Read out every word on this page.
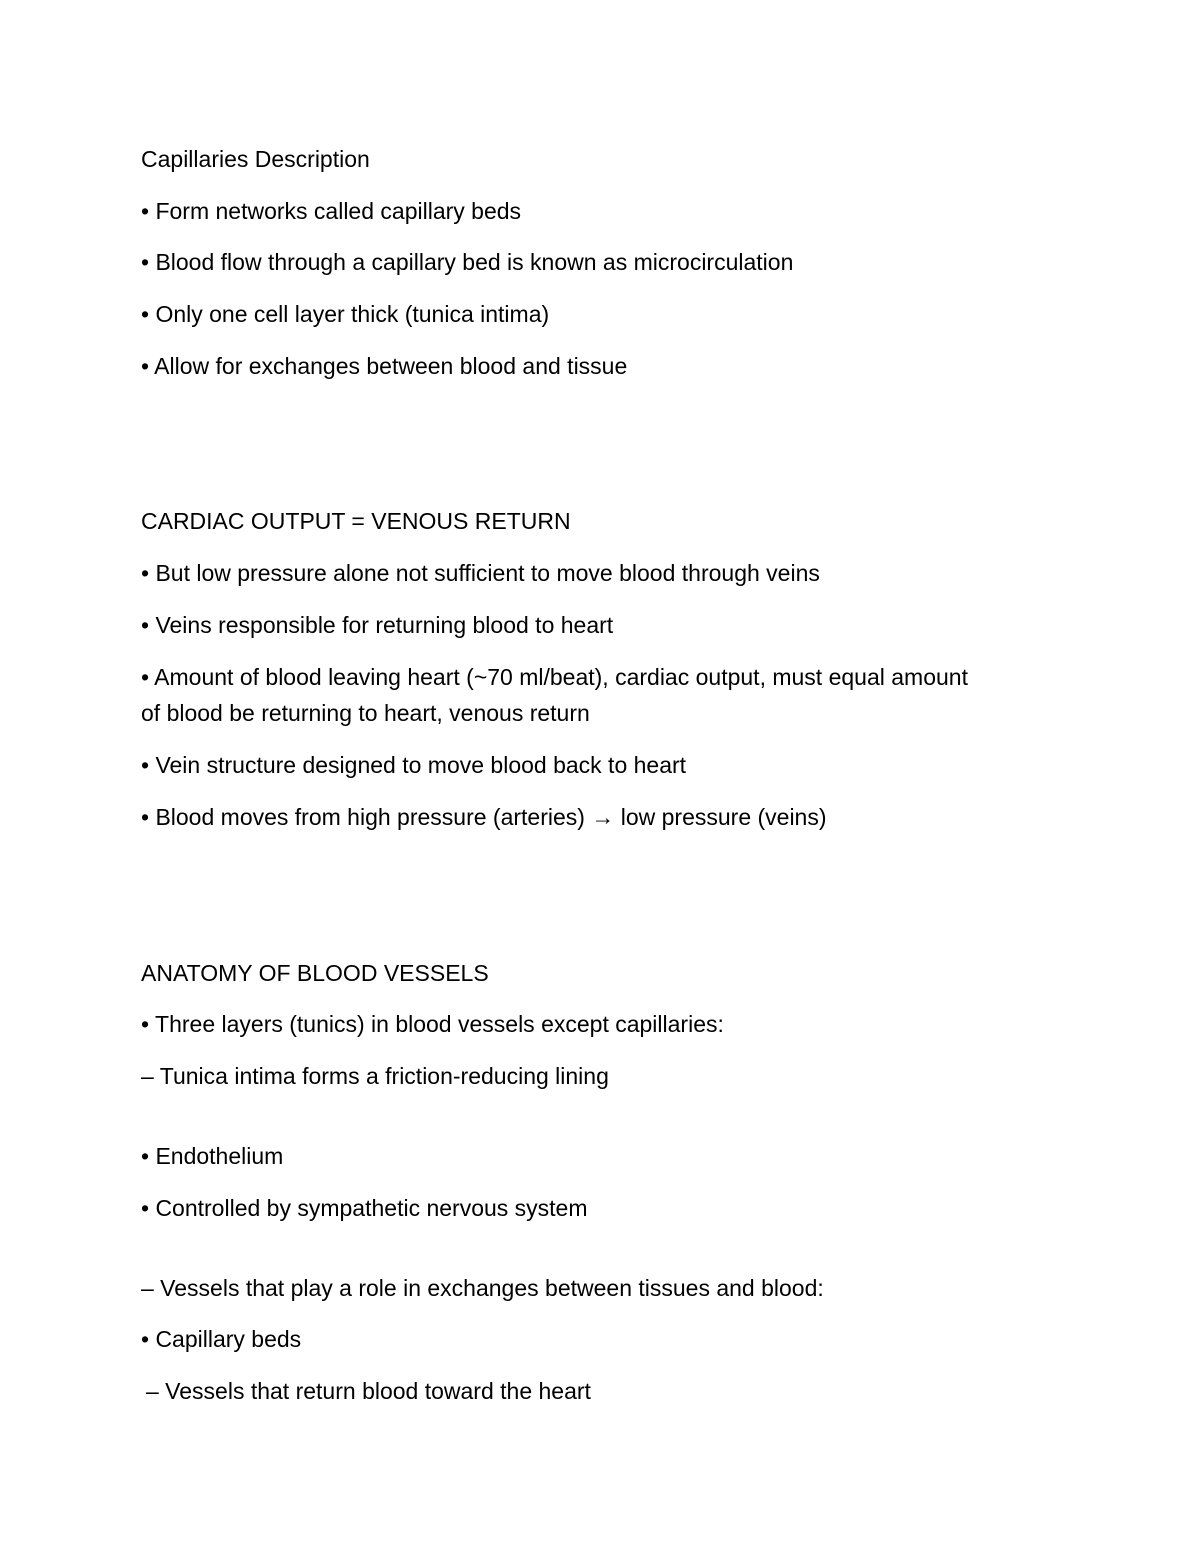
Capillaries Description
• Form networks called capillary beds
• Blood flow through a capillary bed is known as microcirculation
• Only one cell layer thick (tunica intima)
• Allow for exchanges between blood and tissue
CARDIAC OUTPUT = VENOUS RETURN
• But low pressure alone not sufficient to move blood through veins
• Veins responsible for returning blood to heart
• Amount of blood leaving heart (~70 ml/beat), cardiac output, must equal amount of blood be returning to heart, venous return
• Vein structure designed to move blood back to heart
• Blood moves from high pressure (arteries) → low pressure (veins)
ANATOMY OF BLOOD VESSELS
• Three layers (tunics) in blood vessels except capillaries:
– Tunica intima forms a friction-reducing lining
• Endothelium
• Controlled by sympathetic nervous system
– Vessels that play a role in exchanges between tissues and blood:
• Capillary beds
– Vessels that return blood toward the heart
